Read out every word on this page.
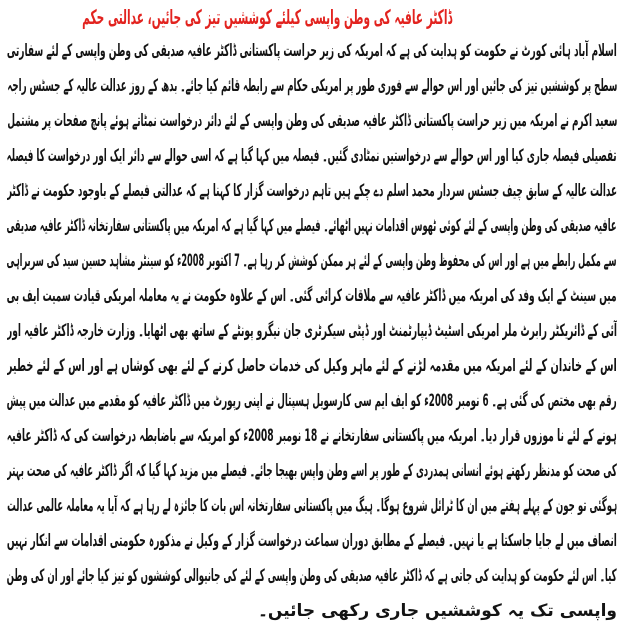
ڈاکٹر عافیہ کی وطن واپسی کیلئے کوششیں تیز کی جائیں، عدالتی حکم
اسلام آباد ہائی کورٹ نے حکومت کو ہدایت کی ہے کہ امریکہ کی زیر حراست پاکستانی ڈاکٹر عافیہ صدیقی کی وطن واپسی کے لئے سفارتی
سطح پر کوششیں تیز کی جائیں اور اس حوالے سے فوری طور پر امریکی حکام سے رابطہ قائم کیا جائے۔ بدھ کے روز عدالت عالیہ کے جسٹس راجہ
سعید اکرم نے امریکہ میں زیر حراست پاکستانی ڈاکٹر عافیہ صدیقی کی وطن واپسی کے لئے دائر درخواست نمٹاتے ہوئے پانچ صفحات پر مشتمل
تفصیلی فیصلہ جاری کیا اور اس حوالے سے درخواستیں نمٹادی گئیں۔ فیصلہ میں کہا گیا ہے کہ اسی حوالے سے دائر ایک اور درخواست کا فیصلہ
عدالت عالیہ کے سابق چیف جسٹس سردار محمد اسلم دے چکے ہیں تاہم درخواست گزار کا کہنا ہے کہ عدالتی فیصلے کے باوجود حکومت نے ڈاکٹر
عافیہ صدیقی کی وطن واپسی کے لئے کوئی ٹھوس اقدامات نہیں اٹھائے۔ فیصلے میں کہا گیا ہے کہ امریکہ میں پاکستانی سفارتخانہ ڈاکٹر عافیہ صدیقی
سے مکمل رابطے میں ہے اور اس کی محفوظ وطن واپسی کے لئے ہر ممکن کوشش کر رہا ہے۔ 7 اکتوبر 2008ء کو سینٹر مشاہد حسین سید کی سربراہی
میں سینٹ کے ایک وفد کی امریکہ میں ڈاکٹر عافیہ سے ملاقات کرائی گئی۔ اس کے علاوہ حکومت نے یہ معاملہ امریکی قیادت سمیت ایف بی
آئی کے ڈائریکٹر رابرٹ ملر امریکی اسٹیٹ ڈیپارٹمنٹ اور ڈپٹی سیکرٹری جان نیگرو پونٹے کے ساتھ بھی اٹھایا۔ وزارت خارجہ ڈاکٹر عافیہ اور
اس کے خاندان کے لئے امریکہ میں مقدمہ لڑنے کے لئے ماہر وکیل کی خدمات حاصل کرنے کے لئے بھی کوشاں ہے اور اس کے لئے خطیر
رقم بھی مختص کی گئی ہے۔ 6 نومبر 2008ء کو ایف ایم سی کارسویل ہسپتال نے اپنی رپورٹ میں ڈاکٹر عافیہ کو مقدمے میں عدالت میں پیش
ہونے کے لئے نا موزوں قرار دیا۔ امریکہ میں پاکستانی سفارتخانے نے 18 نومبر 2008ء کو امریکہ سے باضابطہ درخواست کی کہ ڈاکٹر عافیہ
کی صحت کو مدنظر رکھتے ہوئے انسانی ہمدردی کے طور پر اسے وطن واپس بھیجا جائے۔ فیصلے میں مزید کہا گیا کہ اگر ڈاکٹر عافیہ کی صحت بہتر
ہوگئی تو جون کے پہلے ہفتے میں ان کا ٹرائل شروع ہوگا۔ ہیگ میں پاکستانی سفارتخانہ اس بات کا جائزہ لے رہا ہے کہ آیا یہ معاملہ عالمی عدالت
انصاف میں لے جایا جاسکتا ہے یا نہیں۔ فیصلے کے مطابق دوران سماعت درخواست گزار کے وکیل نے مذکورہ حکومتی اقدامات سے انکار نہیں
کیا۔ اس لئے حکومت کو ہدایت کی جاتی ہے کہ ڈاکٹر عافیہ صدیقی کی وطن واپسی کے لئے کی جانیوالی کوششوں کو تیز کیا جائے اور ان کی وطن
واپسی تک یہ کوششیں جاری رکھی جائیں۔
